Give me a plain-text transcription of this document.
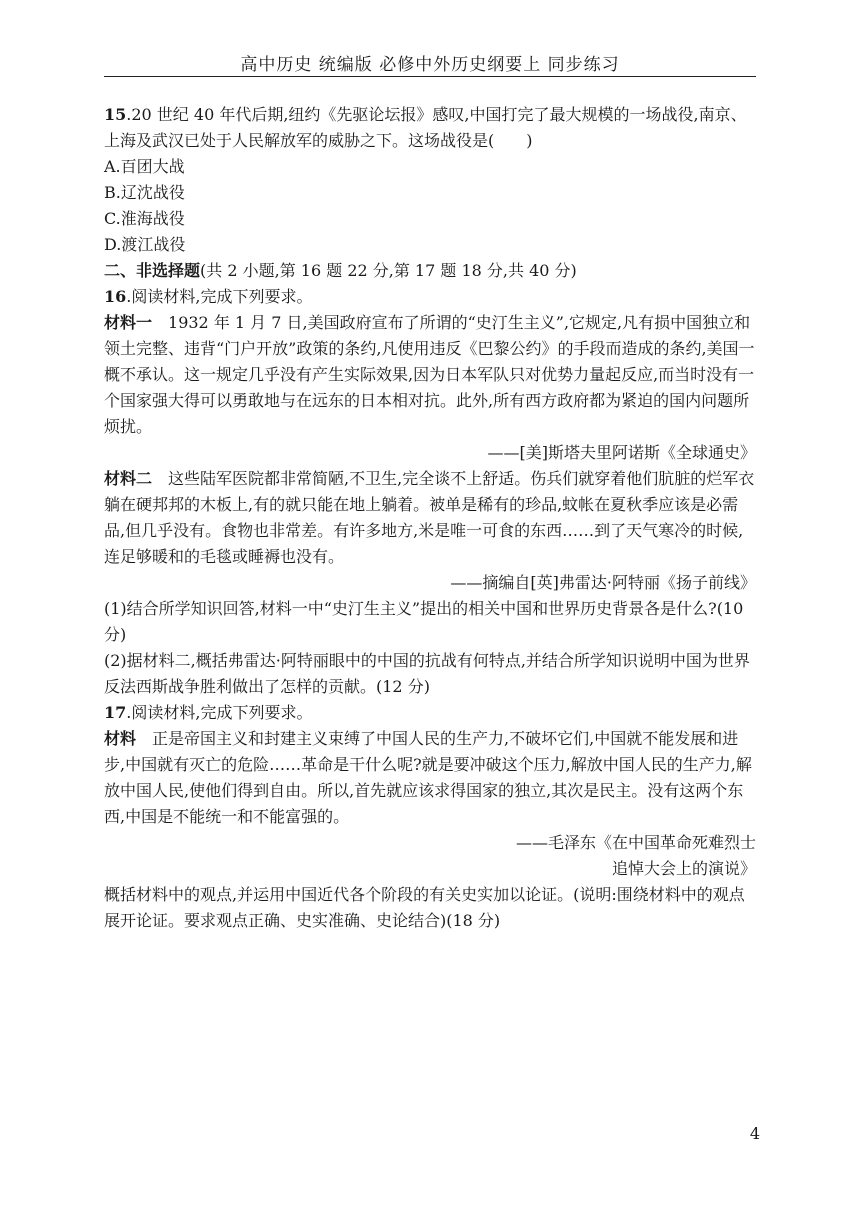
高中历史 统编版 必修中外历史纲要上 同步练习

15.20 世纪 40 年代后期,纽约《先驱论坛报》感叹,中国打完了最大规模的一场战役,南京、上海及武汉已处于人民解放军的威胁之下。这场战役是(　　)

A.百团大战

B.辽沈战役

C.淮海战役

D.渡江战役

二、非选择题(共 2 小题,第 16 题 22 分,第 17 题 18 分,共 40 分)

16.阅读材料,完成下列要求。

材料一　1932 年 1 月 7 日,美国政府宣布了所谓的“史汀生主义”,它规定,凡有损中国独立和领土完整、违背“门户开放”政策的条约,凡使用违反《巴黎公约》的手段而造成的条约,美国一概不承认。这一规定几乎没有产生实际效果,因为日本军队只对优势力量起反应,而当时没有一个国家强大得可以勇敢地与在远东的日本相对抗。此外,所有西方政府都为紧迫的国内问题所烦扰。

——[美]斯塔夫里阿诺斯《全球通史》

材料二　这些陆军医院都非常简陋,不卫生,完全谈不上舒适。伤兵们就穿着他们肮脏的烂军衣躺在硬邦邦的木板上,有的就只能在地上躺着。被单是稀有的珍品,蚊帐在夏秋季应该是必需品,但几乎没有。食物也非常差。有许多地方,米是唯一可食的东西……到了天气寒冷的时候,连足够暖和的毛毯或睡褥也没有。

——摘编自[英]弗雷达·阿特丽《扬子前线》

(1)结合所学知识回答,材料一中“史汀生主义”提出的相关中国和世界历史背景各是什么?(10 分)

(2)据材料二,概括弗雷达·阿特丽眼中的中国的抗战有何特点,并结合所学知识说明中国为世界反法西斯战争胜利做出了怎样的贡献。(12 分)

17.阅读材料,完成下列要求。

材料　正是帝国主义和封建主义束缚了中国人民的生产力,不破坏它们,中国就不能发展和进步,中国就有灭亡的危险……革命是干什么呢?就是要冲破这个压力,解放中国人民的生产力,解放中国人民,使他们得到自由。所以,首先就应该求得国家的独立,其次是民主。没有这两个东西,中国是不能统一和不能富强的。

——毛泽东《在中国革命死难烈士

追悼大会上的演说》

概括材料中的观点,并运用中国近代各个阶段的有关史实加以论证。(说明:围绕材料中的观点展开论证。要求观点正确、史实准确、史论结合)(18 分)

4
